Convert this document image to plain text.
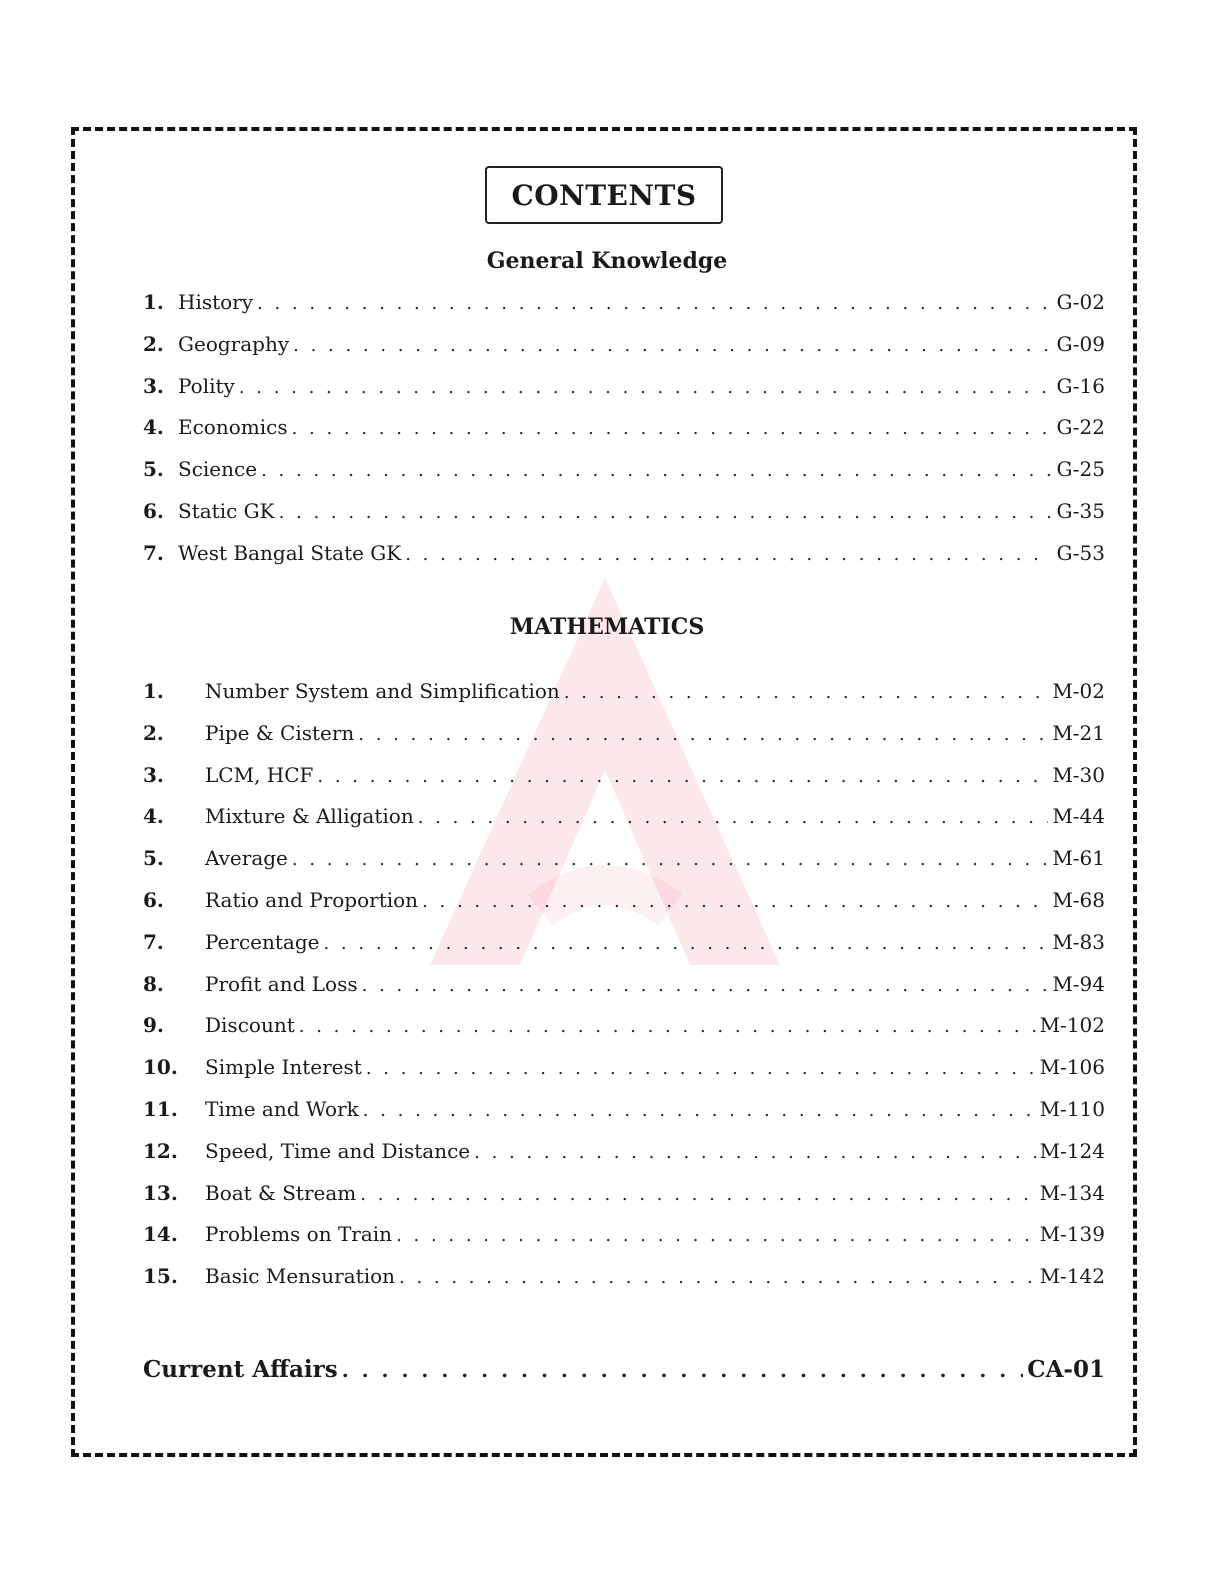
CONTENTS
General Knowledge
1. History . . .	G-02
2. Geography . . .	G-09
3. Polity . . .	G-16
4. Economics . . .	G-22
5. Science . . .	G-25
6. Static GK . . .	G-35
7. West Bangal State GK . . .	G-53
MATHEMATICS
1.	Number System and Simplification . . .	M-02
2.	Pipe & Cistern . . .	M-21
3.	LCM, HCF . . .	M-30
4.	Mixture & Alligation . . .	M-44
5.	Average . . .	M-61
6.	Ratio and Proportion . . .	M-68
7.	Percentage . . .	M-83
8.	Profit and Loss . . .	M-94
9.	Discount . . .	M-102
10.	Simple Interest . . .	M-106
11.	Time and Work . . .	M-110
12.	Speed, Time and Distance . . .	M-124
13.	Boat & Stream . . .	M-134
14.	Problems on Train . . .	M-139
15.	Basic Mensuration . . .	M-142
Current Affairs . . .	CA-01
